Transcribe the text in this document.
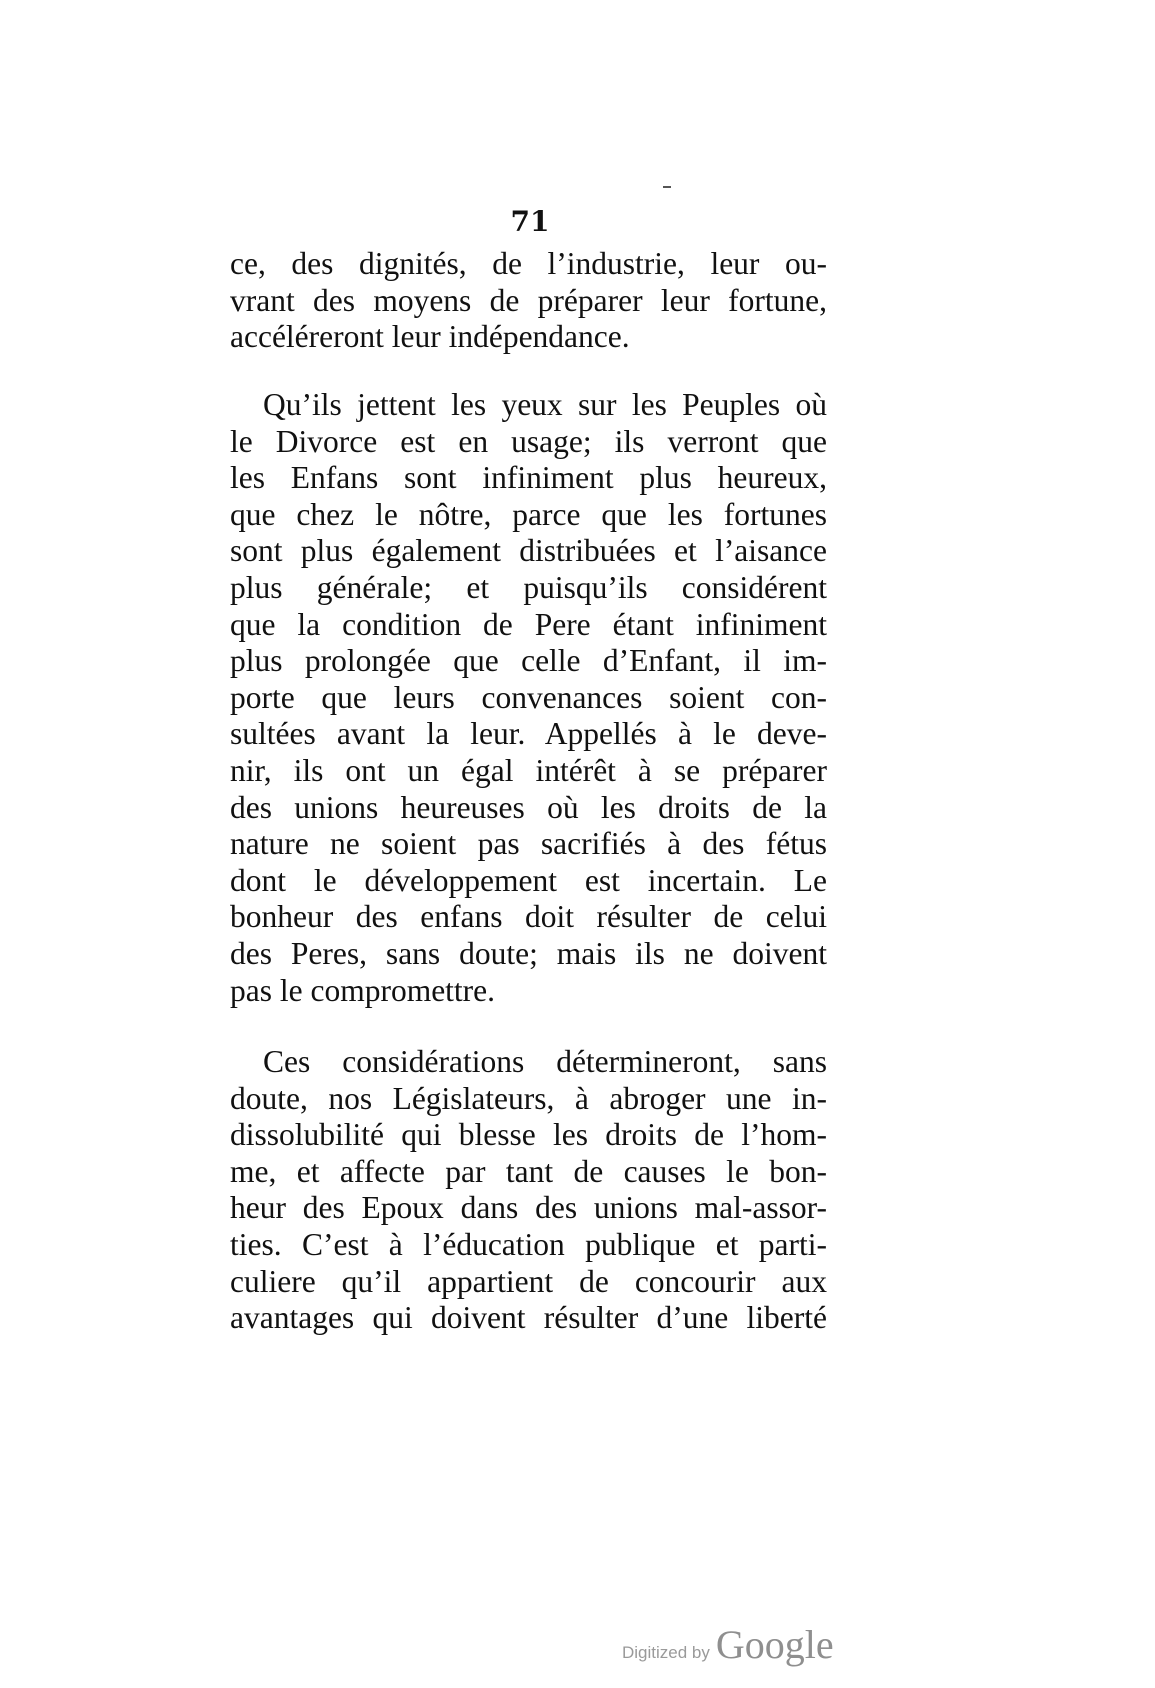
71
ce, des dignités, de l’industrie, leur ou-
vrant des moyens de préparer leur fortune,
accéléreront leur indépendance.
Qu’ils jettent les yeux sur les Peuples où
le Divorce est en usage; ils verront que
les Enfans sont infiniment plus heureux,
que chez le nôtre, parce que les fortunes
sont plus également distribuées et l’aisance
plus générale; et puisqu’ils considérent
que la condition de Pere étant infiniment
plus prolongée que celle d’Enfant, il im-
porte que leurs convenances soient con-
sultées avant la leur. Appellés à le deve-
nir, ils ont un égal intérêt à se préparer
des unions heureuses où les droits de la
nature ne soient pas sacrifiés à des fétus
dont le développement est incertain. Le
bonheur des enfans doit résulter de celui
des Peres, sans doute; mais ils ne doivent
pas le compromettre.
Ces considérations détermineront, sans
doute, nos Législateurs, à abroger une in-
dissolubilité qui blesse les droits de l’hom-
me, et affecte par tant de causes le bon-
heur des Epoux dans des unions mal-assor-
ties. C’est à l’éducation publique et parti-
culiere qu’il appartient de concourir aux
avantages qui doivent résulter d’une liberté
Digitized by Google
